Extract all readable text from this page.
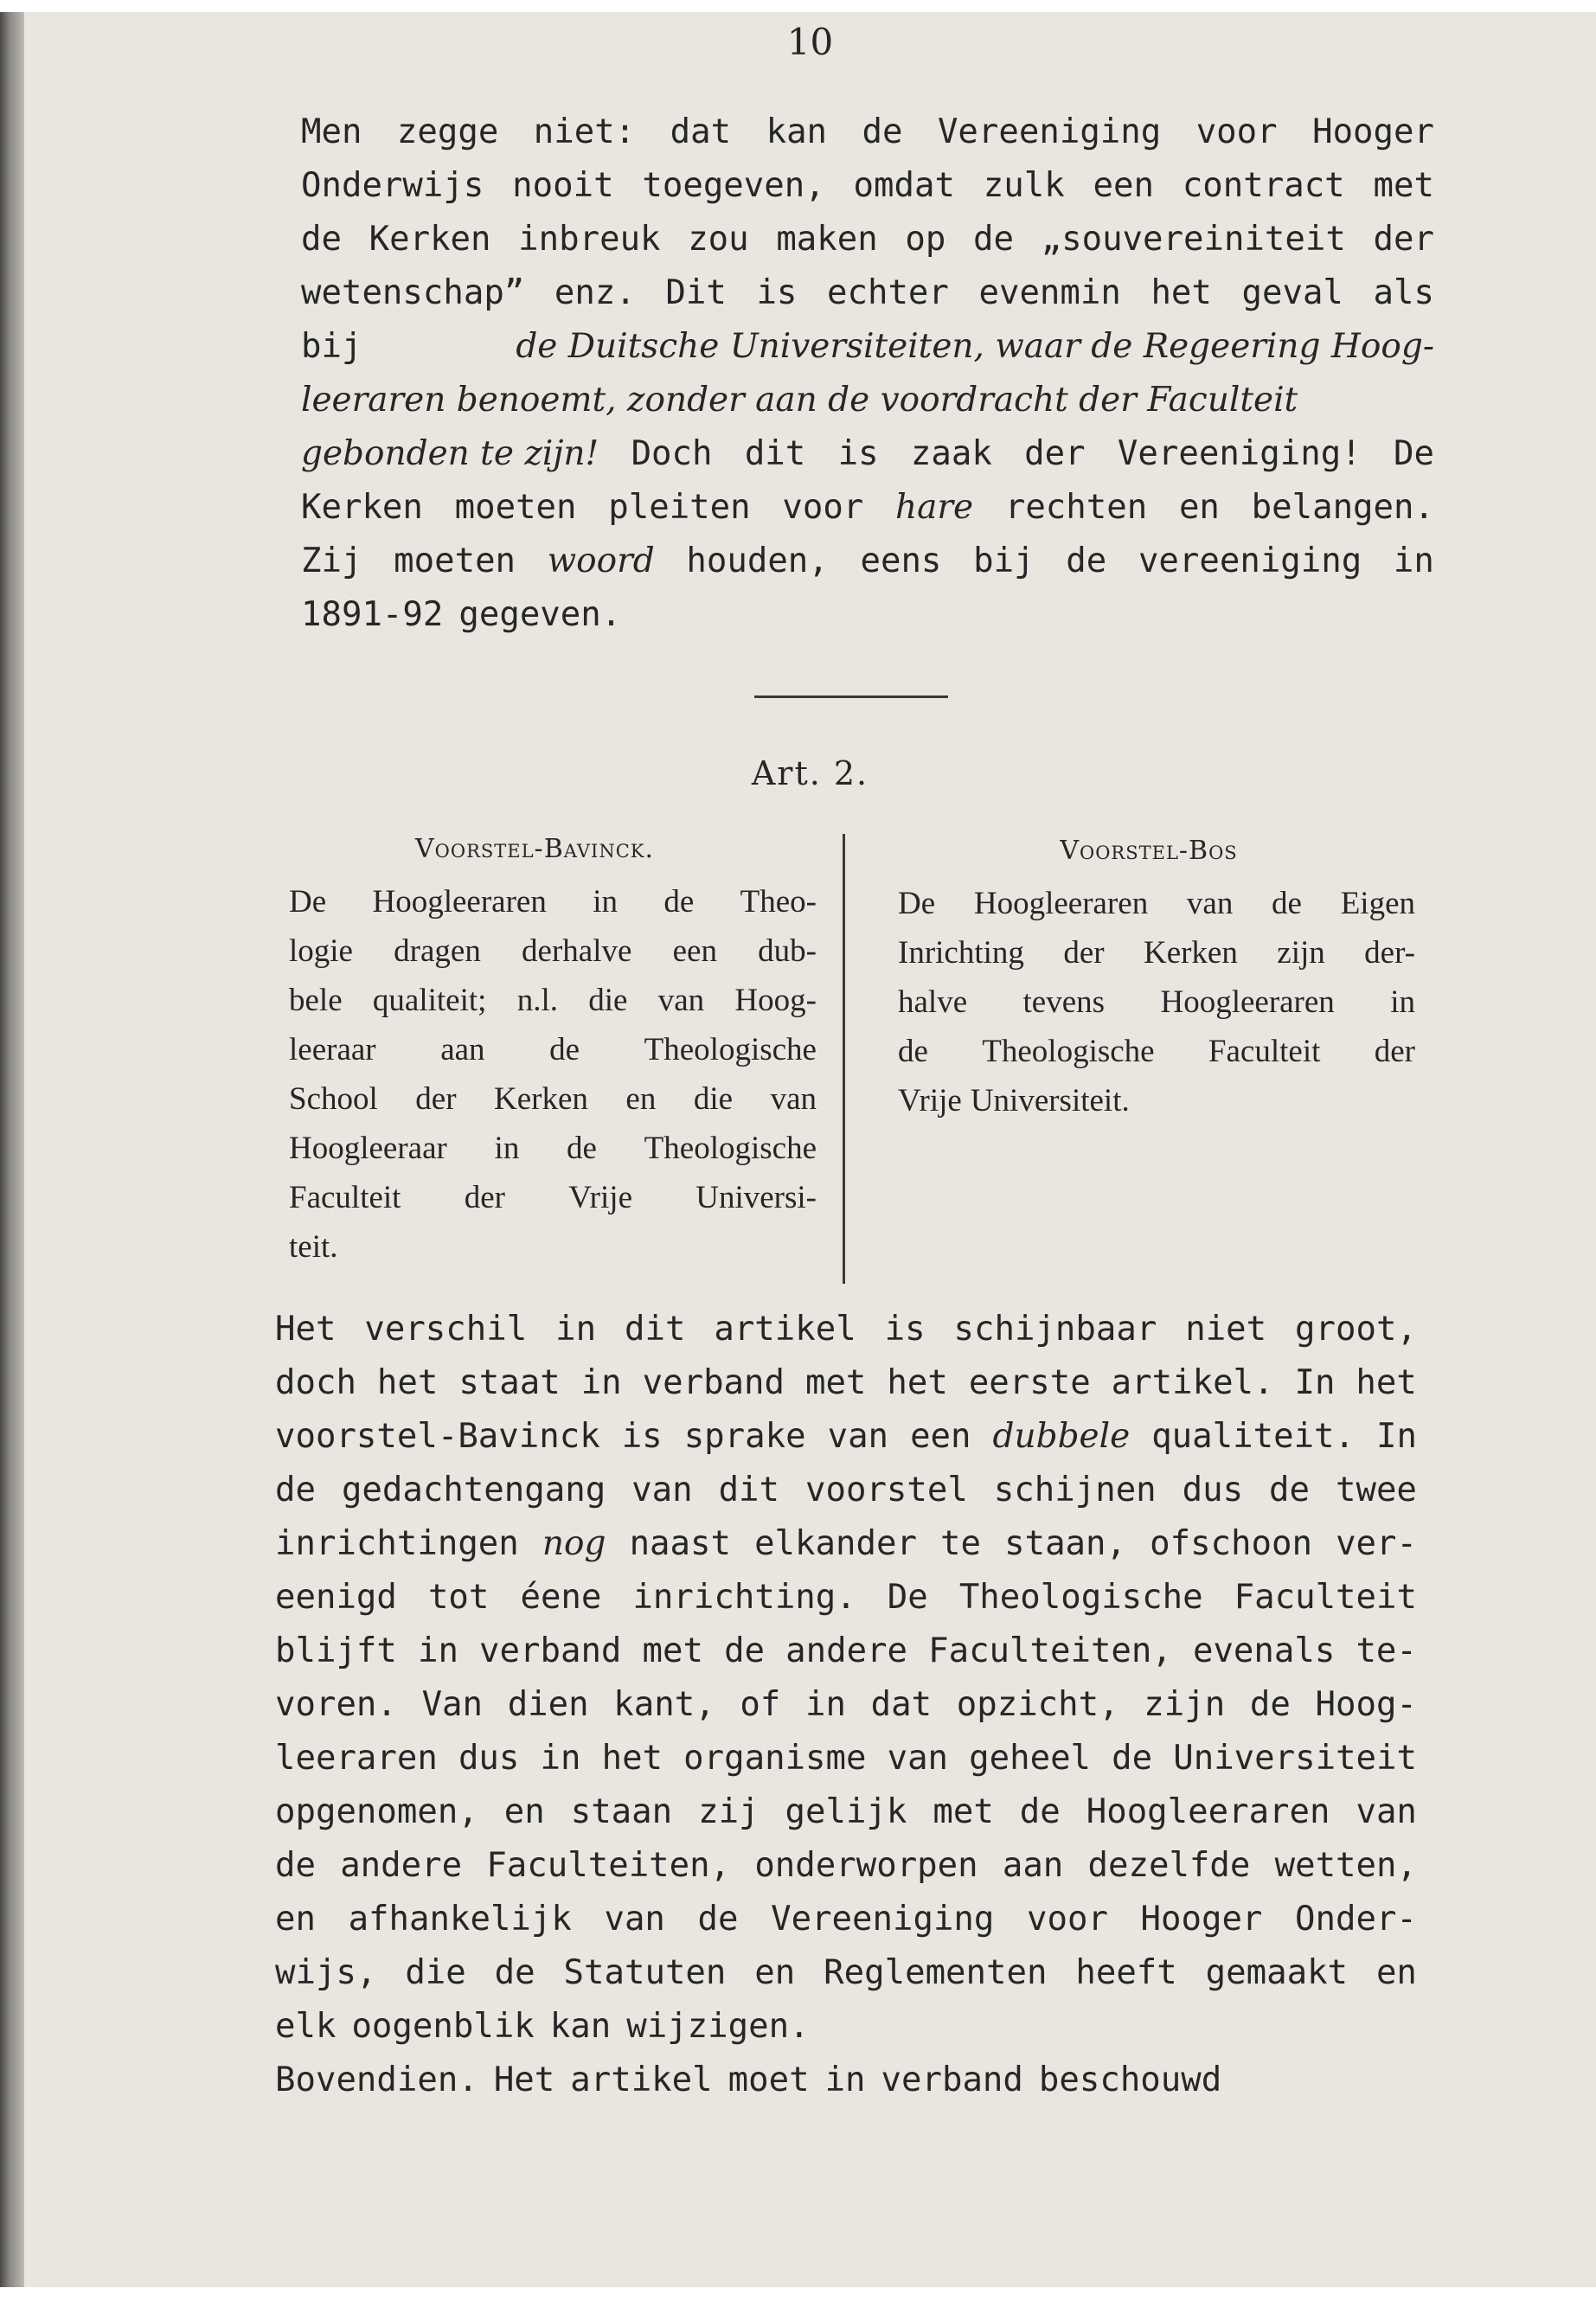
10
Men zegge niet: dat kan de Vereeniging voor Hooger
Onderwijs nooit toegeven, omdat zulk een contract met
de Kerken inbreuk zou maken op de „souvereiniteit der
wetenschap” enz. Dit is echter evenmin het geval als
bij	de Duitsche Universiteiten, waar de Regeering Hoog-
leeraren benoemt, zonder aan de voordracht der Faculteit
gebonden te zijn! Doch dit is zaak der Vereeniging! De
Kerken moeten pleiten voor hare rechten en belangen.
Zij moeten woord houden, eens bij de vereeniging in
1891-92 gegeven.
Art. 2.
Voorstel-Bavinck.
De Hoogleeraren in de Theo-
logie dragen derhalve een dub-
bele qualiteit; n.l. die van Hoog-
leeraar aan de Theologische
School der Kerken en die van
Hoogleeraar in de Theologische
Faculteit der Vrije Universi-
teit.
Voorstel-Bos
De Hoogleeraren van de Eigen
Inrichting der Kerken zijn der-
halve tevens Hoogleeraren in
de Theologische Faculteit der
Vrije Universiteit.
Het verschil in dit artikel is schijnbaar niet groot,
doch het staat in verband met het eerste artikel. In het
voorstel-Bavinck is sprake van een dubbele qualiteit. In
de gedachtengang van dit voorstel schijnen dus de twee
inrichtingen nog naast elkander te staan, ofschoon ver-
eenigd tot éene inrichting. De Theologische Faculteit
blijft in verband met de andere Faculteiten, evenals te-
voren. Van dien kant, of in dat opzicht, zijn de Hoog-
leeraren dus in het organisme van geheel de Universiteit
opgenomen, en staan zij gelijk met de Hoogleeraren van
de andere Faculteiten, onderworpen aan dezelfde wetten,
en afhankelijk van de Vereeniging voor Hooger Onder-
wijs, die de Statuten en Reglementen heeft gemaakt en
elk oogenblik kan wijzigen.
Bovendien. Het artikel moet in verband beschouwd
